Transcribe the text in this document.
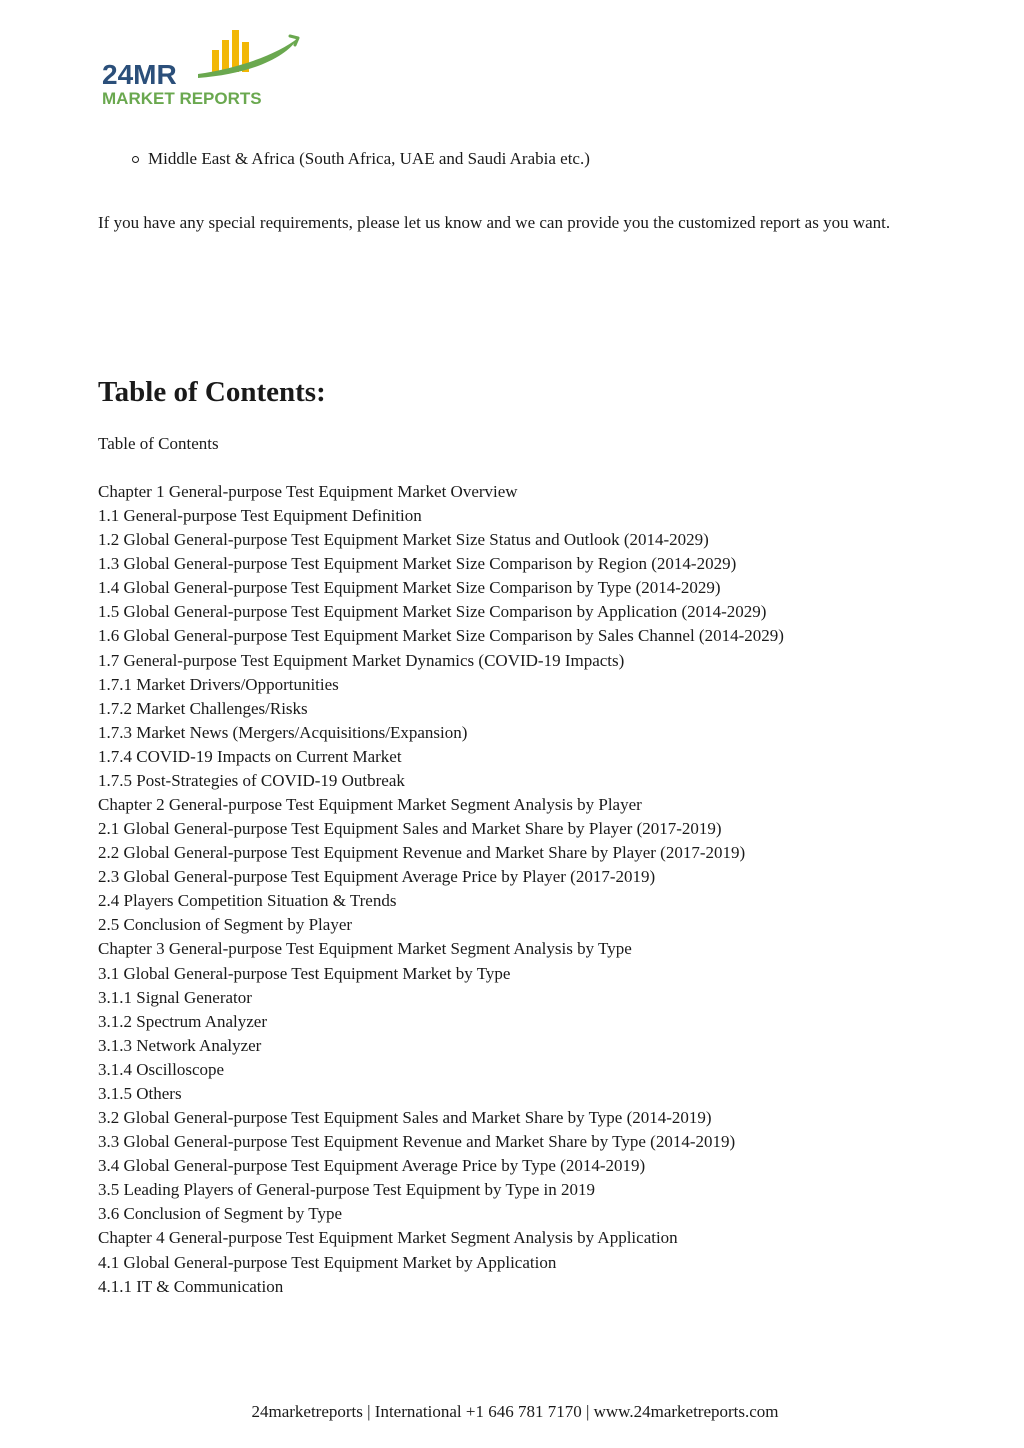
24MR
MARKET REPORTS
Middle East & Africa (South Africa, UAE and Saudi Arabia etc.)

If you have any special requirements, please let us know and we can provide you the customized report as you want.

Table of Contents:

Table of Contents

Chapter 1 General-purpose Test Equipment Market Overview
1.1 General-purpose Test Equipment Definition
1.2 Global General-purpose Test Equipment Market Size Status and Outlook (2014-2029)
1.3 Global General-purpose Test Equipment Market Size Comparison by Region (2014-2029)
1.4 Global General-purpose Test Equipment Market Size Comparison by Type (2014-2029)
1.5 Global General-purpose Test Equipment Market Size Comparison by Application (2014-2029)
1.6 Global General-purpose Test Equipment Market Size Comparison by Sales Channel (2014-2029)
1.7 General-purpose Test Equipment Market Dynamics (COVID-19 Impacts)
1.7.1 Market Drivers/Opportunities
1.7.2 Market Challenges/Risks
1.7.3 Market News (Mergers/Acquisitions/Expansion)
1.7.4 COVID-19 Impacts on Current Market
1.7.5 Post-Strategies of COVID-19 Outbreak
Chapter 2 General-purpose Test Equipment Market Segment Analysis by Player
2.1 Global General-purpose Test Equipment Sales and Market Share by Player (2017-2019)
2.2 Global General-purpose Test Equipment Revenue and Market Share by Player (2017-2019)
2.3 Global General-purpose Test Equipment Average Price by Player (2017-2019)
2.4 Players Competition Situation & Trends
2.5 Conclusion of Segment by Player
Chapter 3 General-purpose Test Equipment Market Segment Analysis by Type
3.1 Global General-purpose Test Equipment Market by Type
3.1.1 Signal Generator
3.1.2 Spectrum Analyzer
3.1.3 Network Analyzer
3.1.4 Oscilloscope
3.1.5 Others
3.2 Global General-purpose Test Equipment Sales and Market Share by Type (2014-2019)
3.3 Global General-purpose Test Equipment Revenue and Market Share by Type (2014-2019)
3.4 Global General-purpose Test Equipment Average Price by Type (2014-2019)
3.5 Leading Players of General-purpose Test Equipment by Type in 2019
3.6 Conclusion of Segment by Type
Chapter 4 General-purpose Test Equipment Market Segment Analysis by Application
4.1 Global General-purpose Test Equipment Market by Application
4.1.1 IT & Communication
24marketreports | International +1 646 781 7170 | www.24marketreports.com
